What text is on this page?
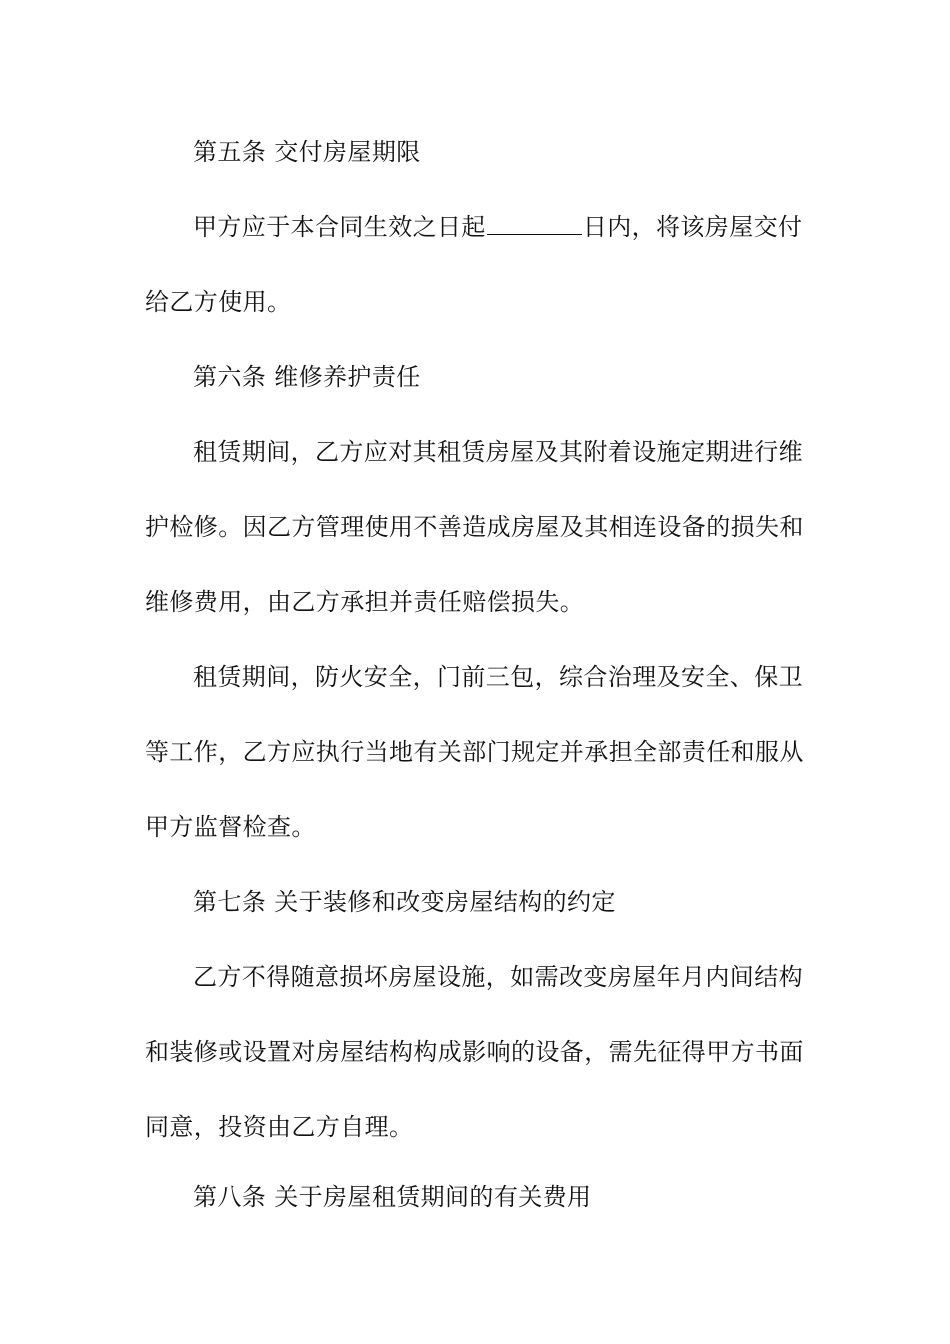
第五条 交付房屋期限
甲方应于本合同生效之日起	日内，将该房屋交付
给乙方使用。
第六条 维修养护责任
租赁期间，乙方应对其租赁房屋及其附着设施定期进行维
护检修。因乙方管理使用不善造成房屋及其相连设备的损失和
维修费用，由乙方承担并责任赔偿损失。
租赁期间，防火安全，门前三包，综合治理及安全、保卫
等工作，乙方应执行当地有关部门规定并承担全部责任和服从
甲方监督检查。
第七条 关于装修和改变房屋结构的约定
乙方不得随意损坏房屋设施，如需改变房屋年月内间结构
和装修或设置对房屋结构构成影响的设备，需先征得甲方书面
同意，投资由乙方自理。
第八条 关于房屋租赁期间的有关费用
